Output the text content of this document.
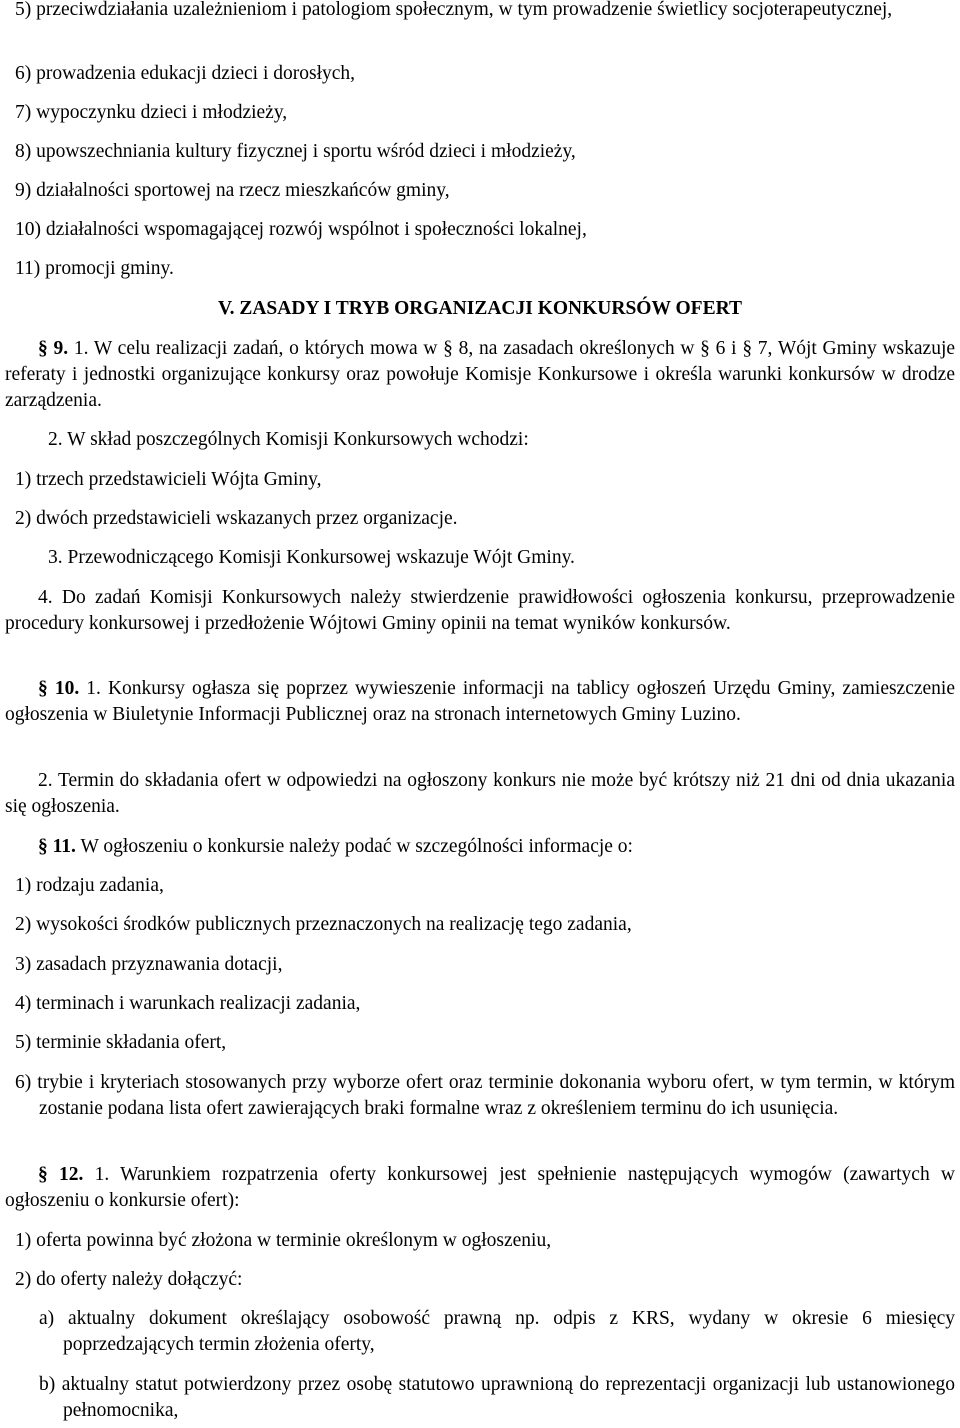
5) przeciwdziałania uzależnieniom i patologiom społecznym, w tym prowadzenie świetlicy socjoterapeutycznej,

6) prowadzenia edukacji dzieci i dorosłych,

7) wypoczynku dzieci i młodzieży,

8) upowszechniania kultury fizycznej i sportu wśród dzieci i młodzieży,

9) działalności sportowej na rzecz mieszkańców gminy,

10) działalności wspomagającej rozwój wspólnot i społeczności lokalnej,

11) promocji gminy.

V. ZASADY I TRYB ORGANIZACJI KONKURSÓW OFERT

§ 9. 1. W celu realizacji zadań, o których mowa w § 8, na zasadach określonych w § 6 i § 7, Wójt Gminy wskazuje referaty i jednostki organizujące konkursy oraz powołuje Komisje Konkursowe i określa warunki konkursów w drodze zarządzenia.

2. W skład poszczególnych Komisji Konkursowych wchodzi:

1) trzech przedstawicieli Wójta Gminy,

2) dwóch przedstawicieli wskazanych przez organizacje.

3. Przewodniczącego Komisji Konkursowej wskazuje Wójt Gminy.

4. Do zadań Komisji Konkursowych należy stwierdzenie prawidłowości ogłoszenia konkursu, przeprowadzenie procedury konkursowej i przedłożenie Wójtowi Gminy opinii na temat wyników konkursów.

§ 10. 1. Konkursy ogłasza się poprzez wywieszenie informacji na tablicy ogłoszeń Urzędu Gminy, zamieszczenie ogłoszenia w Biuletynie Informacji Publicznej oraz na stronach internetowych Gminy Luzino.

2. Termin do składania ofert w odpowiedzi na ogłoszony konkurs nie może być krótszy niż 21 dni od dnia ukazania się ogłoszenia.

§ 11. W ogłoszeniu o konkursie należy podać w szczególności informacje o:

1) rodzaju zadania,

2) wysokości środków publicznych przeznaczonych na realizację tego zadania,

3) zasadach przyznawania dotacji,

4) terminach i warunkach realizacji zadania,

5) terminie składania ofert,

6) trybie i kryteriach stosowanych przy wyborze ofert oraz terminie dokonania wyboru ofert, w tym termin, w którym zostanie podana lista ofert zawierających braki formalne wraz z określeniem terminu do ich usunięcia.

§ 12. 1. Warunkiem rozpatrzenia oferty konkursowej jest spełnienie następujących wymogów (zawartych w ogłoszeniu o konkursie ofert):

1) oferta powinna być złożona w terminie określonym w ogłoszeniu,

2) do oferty należy dołączyć:

a) aktualny dokument określający osobowość prawną np. odpis z KRS, wydany w okresie 6 miesięcy poprzedzających termin złożenia oferty,

b) aktualny statut potwierdzony przez osobę statutowo uprawnioną do reprezentacji organizacji lub ustanowionego pełnomocnika,
